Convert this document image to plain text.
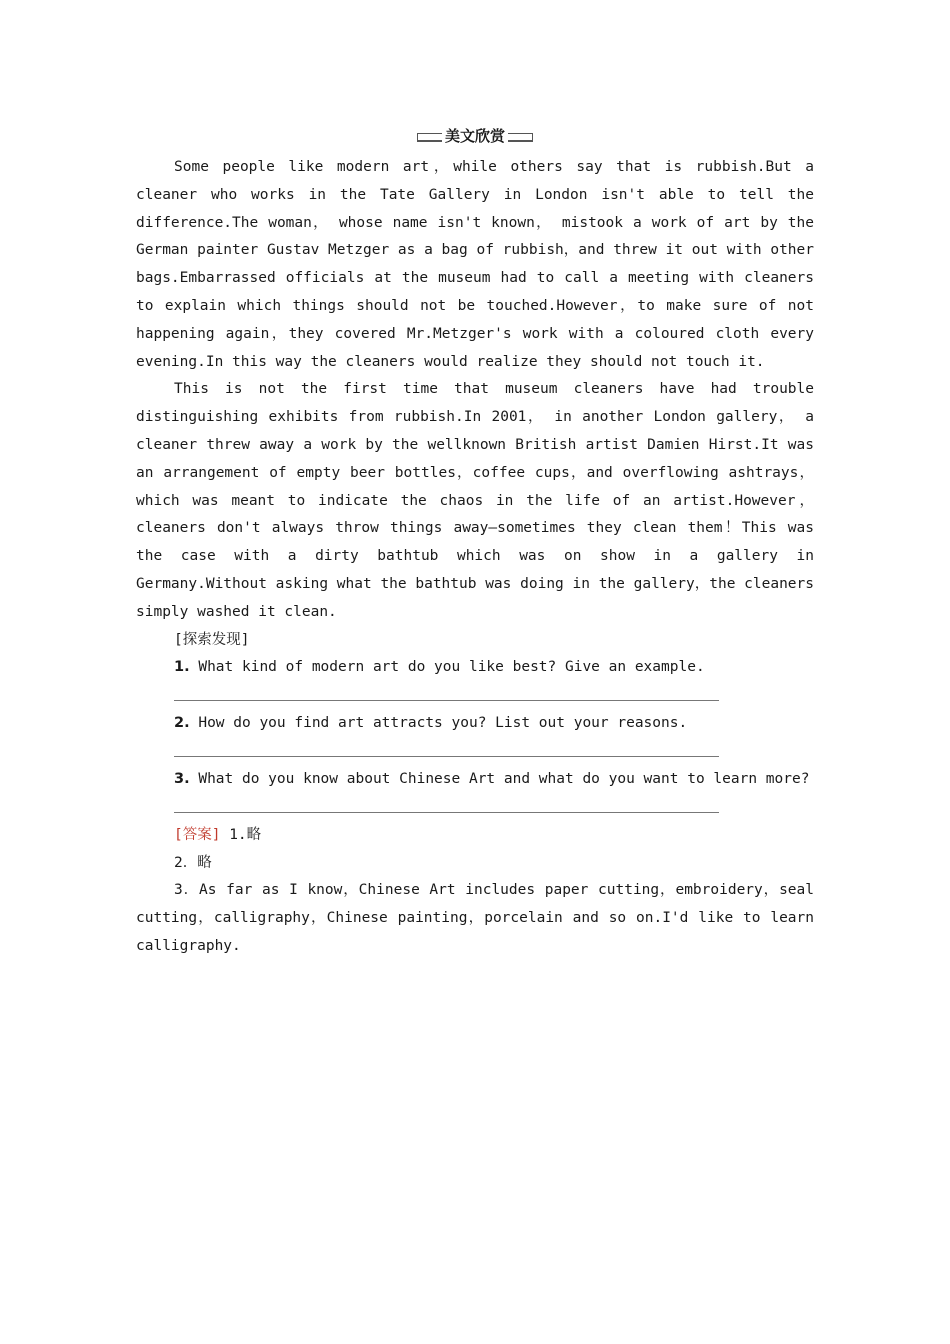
美文欣赏

Some people like modern art，while others say that is rubbish.But a cleaner who works in the Tate Gallery in London isn't able to tell the difference.The woman， whose name isn't known， mistook a work of art by the German painter Gustav Metzger as a bag of rubbish，and threw it out with other bags.Embarrassed officials at the museum had to call a meeting with cleaners to explain which things should not be touched.However，to make sure of not happening again，they covered Mr.Metzger's work with a coloured cloth every evening.In this way the cleaners would realize they should not touch it.

This is not the first time that museum cleaners have had trouble distinguishing exhibits from rubbish.In 2001， in another London gallery， a cleaner threw away a work by the wellknown British artist Damien Hirst.It was an arrangement of empty beer bottles，coffee cups，and overflowing ashtrays，which was meant to indicate the chaos in the life of an artist.However，cleaners don't always throw things away—sometimes they clean them！This was the case with a dirty bathtub which was on show in a gallery in Germany.Without asking what the bathtub was doing in the gallery，the cleaners simply washed it clean.

[探索发现]

1. What kind of modern art do you like best? Give an example.

2. How do you find art attracts you? List out your reasons.

3. What do you know about Chinese Art and what do you want to learn more?

[答案] 1.略

2．略

3．As far as I know，Chinese Art includes paper cutting，embroidery，seal cutting，calligraphy，Chinese painting，porcelain and so on.I'd like to learn calligraphy.
